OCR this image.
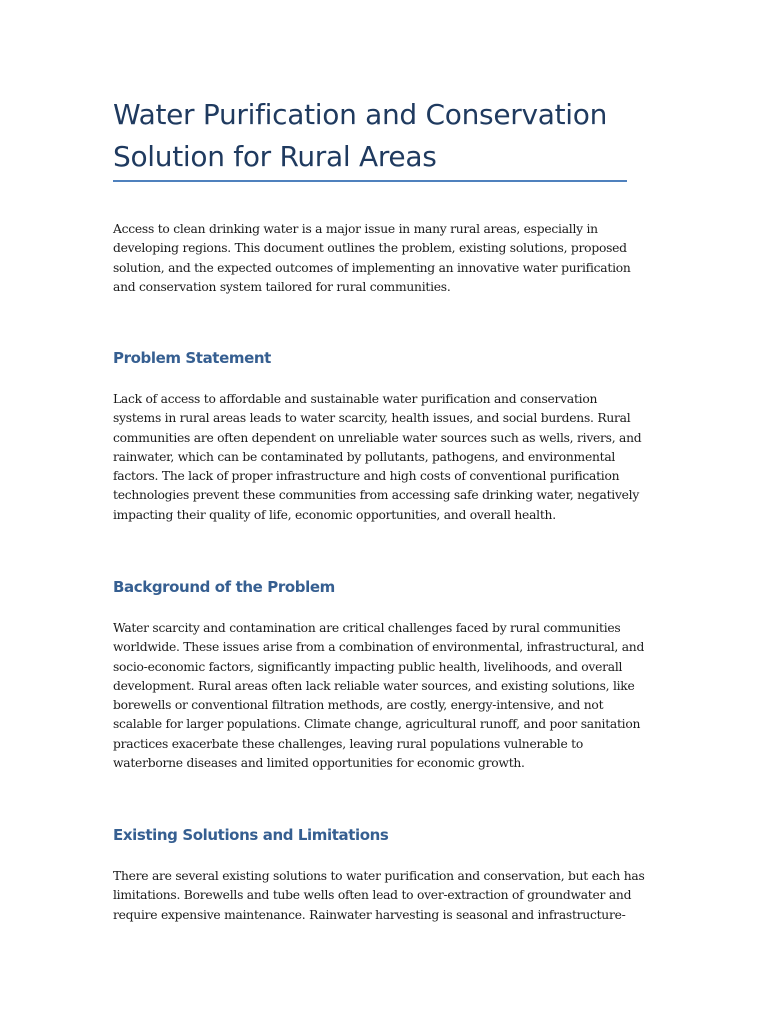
Water Purification and Conservation Solution for Rural Areas

Access to clean drinking water is a major issue in many rural areas, especially in developing regions. This document outlines the problem, existing solutions, proposed solution, and the expected outcomes of implementing an innovative water purification and conservation system tailored for rural communities.

Problem Statement

Lack of access to affordable and sustainable water purification and conservation systems in rural areas leads to water scarcity, health issues, and social burdens. Rural communities are often dependent on unreliable water sources such as wells, rivers, and rainwater, which can be contaminated by pollutants, pathogens, and environmental factors. The lack of proper infrastructure and high costs of conventional purification technologies prevent these communities from accessing safe drinking water, negatively impacting their quality of life, economic opportunities, and overall health.

Background of the Problem

Water scarcity and contamination are critical challenges faced by rural communities worldwide. These issues arise from a combination of environmental, infrastructural, and socio-economic factors, significantly impacting public health, livelihoods, and overall development. Rural areas often lack reliable water sources, and existing solutions, like borewells or conventional filtration methods, are costly, energy-intensive, and not scalable for larger populations. Climate change, agricultural runoff, and poor sanitation practices exacerbate these challenges, leaving rural populations vulnerable to waterborne diseases and limited opportunities for economic growth.

Existing Solutions and Limitations

There are several existing solutions to water purification and conservation, but each has limitations. Borewells and tube wells often lead to over-extraction of groundwater and require expensive maintenance. Rainwater harvesting is seasonal and infrastructure-
